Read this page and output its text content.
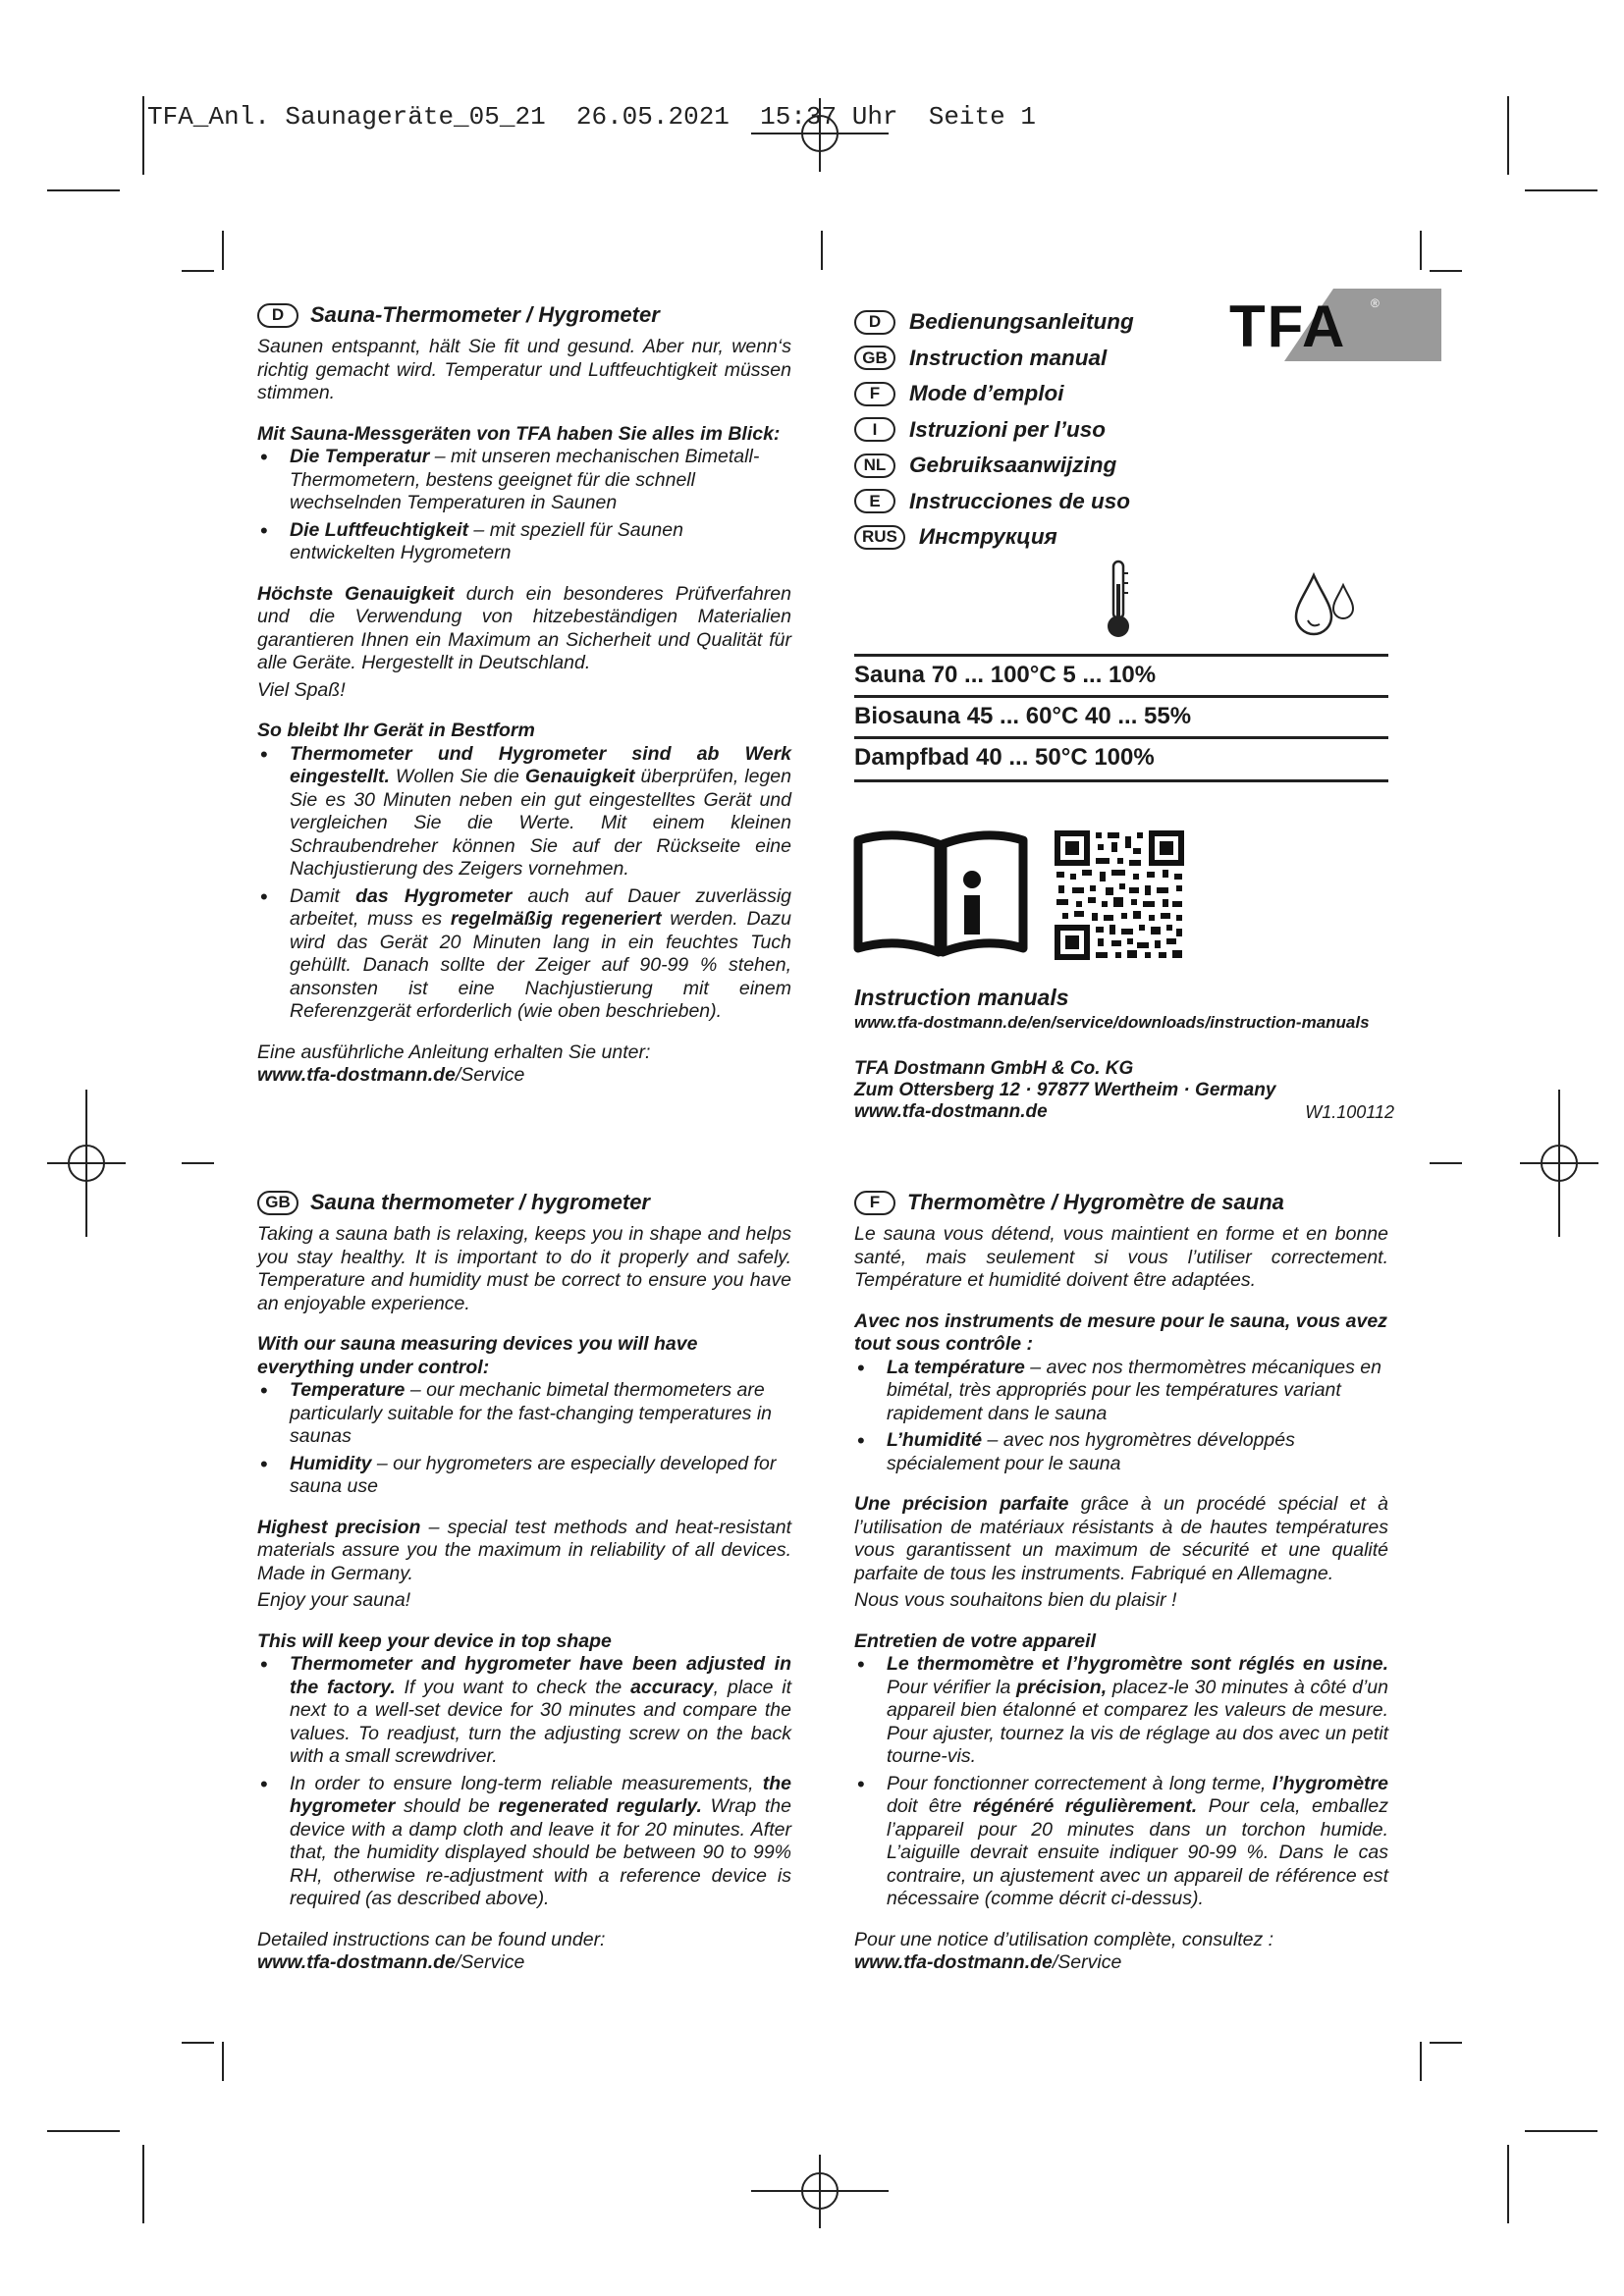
TFA_Anl. Saunageräte_05_21  26.05.2021  15:37 Uhr  Seite 1
D	Sauna-Thermometer / Hygrometer

Saunen entspannt, hält Sie fit und gesund. Aber nur, wenn‘s richtig gemacht wird. Temperatur und Luftfeuchtigkeit müssen stimmen.

Mit Sauna-Messgeräten von TFA haben Sie alles im Blick:

• Die Temperatur – mit unseren mechanischen Bimetall-Thermometern, bestens geeignet für die schnell wechselnden Temperaturen in Saunen
• Die Luftfeuchtigkeit – mit speziell für Saunen entwickelten Hygrometern

Höchste Genauigkeit durch ein besonderes Prüfverfahren und die Verwendung von hitzebeständigen Materialien garantieren Ihnen ein Maximum an Sicherheit und Qualität für alle Geräte. Hergestellt in Deutschland.

Viel Spaß!

So bleibt Ihr Gerät in Bestform

• Thermometer und Hygrometer sind ab Werk eingestellt. Wollen Sie die Genauigkeit überprüfen, legen Sie es 30 Minuten neben ein gut eingestelltes Gerät und vergleichen Sie die Werte. Mit einem kleinen Schraubendreher können Sie auf der Rückseite eine Nachjustierung des Zeigers vornehmen.
• Damit das Hygrometer auch auf Dauer zuverlässig arbeitet, muss es regelmäßig regeneriert werden. Dazu wird das Gerät 20 Minuten lang in ein feuchtes Tuch gehüllt. Danach sollte der Zeiger auf 90-99 % stehen, ansonsten ist eine Nachjustierung mit einem Referenzgerät erforderlich (wie oben beschrieben).

Eine ausführliche Anleitung erhalten Sie unter:

www.tfa-dostmann.de/Service

GB Sauna thermometer / hygrometer

Taking a sauna bath is relaxing, keeps you in shape and helps you stay healthy. It is important to do it properly and safely. Temperature and humidity must be correct to ensure you have an enjoyable experience.

With our sauna measuring devices you will have everything under control:

• Temperature – our mechanic bimetal thermometers are particularly suitable for the fast-changing temperatures in saunas
• Humidity – our hygrometers are especially developed for sauna use

Highest precision – special test methods and heat-resistant materials assure you the maximum in reliability of all devices. Made in Germany.

Enjoy your sauna!

This will keep your device in top shape

• Thermometer and hygrometer have been adjusted in the factory. If you want to check the accuracy, place it next to a well-set device for 30 minutes and compare the values. To readjust, turn the adjusting screw on the back with a small screwdriver.
• In order to ensure long-term reliable measurements, the hygrometer should be regenerated regularly. Wrap the device with a damp cloth and leave it for 20 minutes. After that, the humidity displayed should be between 90 to 99% RH, otherwise re-adjustment with a reference device is required (as described above).

Detailed instructions can be found under:

www.tfa-dostmann.de/Service

F	Thermomètre / Hygromètre de sauna

Le sauna vous détend, vous maintient en forme et en bonne santé, mais seulement si vous l’utiliser correctement. Température et humidité doivent être adaptées.

Avec nos instruments de mesure pour le sauna, vous avez tout sous contrôle :

• La température – avec nos thermomètres mécaniques en bimétal, très appropriés pour les températures variant rapidement dans le sauna
• L’humidité – avec nos hygromètres développés spécialement pour le sauna

Une précision parfaite grâce à un procédé spécial et à l’utilisation de matériaux résistants à de hautes températures vous garantissent un maximum de sécurité et une qualité parfaite de tous les instruments. Fabriqué en Allemagne.

Nous vous souhaitons bien du plaisir !

Entretien de votre appareil

• Le thermomètre et l’hygromètre sont réglés en usine. Pour vérifier la précision, placez-le 30 minutes à côté d’un appareil bien étalonné et comparez les valeurs de mesure. Pour ajuster, tournez la vis de réglage au dos avec un petit tourne-vis.
• Pour fonctionner correctement à long terme, l’hygromètre doit être régénéré régulièrement. Pour cela, emballez l’appareil pour 20 minutes dans un torchon humide. L’aiguille devrait ensuite indiquer 90-99 %. Dans le cas contraire, un ajustement avec un appareil de référence est nécessaire (comme décrit ci-dessus).

Pour une notice d’utilisation complète, consultez :

www.tfa-dostmann.de/Service

D	Bedienungsanleitung
GB Instruction manual
F	Mode d’emploi
I	Istruzioni per l’uso
NL	Gebruiksaanwijzing
E	Instrucciones de uso
RUS Инструкция
TFA ®
Sauna 70 ... 100°C 5 ... 10%
Biosauna 45 ... 60°C 40 ... 55%
Dampfbad 40 ... 50°C 100%
Instruction manuals
www.tfa-dostmann.de/en/service/downloads/instruction-manuals
TFA Dostmann GmbH & Co. KG
Zum Ottersberg 12 · 97877 Wertheim · Germany
www.tfa-dostmann.de	W1.100112
